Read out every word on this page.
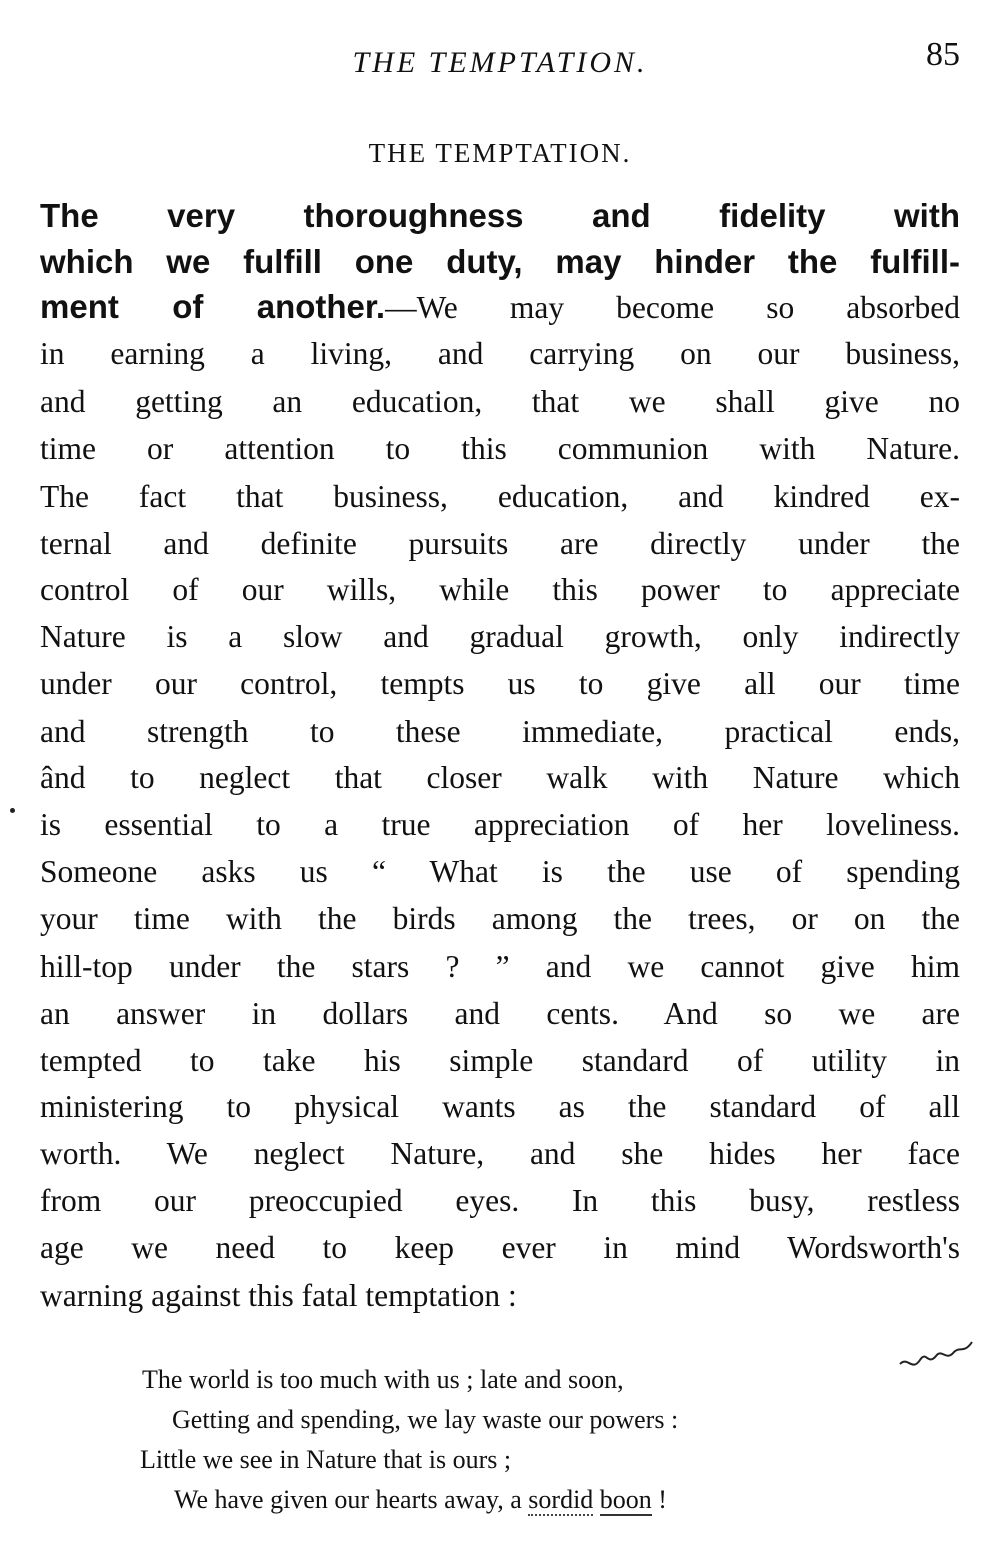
THE TEMPTATION.	85
THE TEMPTATION.
The very thoroughness and fidelity with
which we fulfill one duty, may hinder the fulfill-
ment of another.—We may become so absorbed
in earning a living, and carrying on our business,
and getting an education, that we shall give no
time or attention to this communion with Nature.
The fact that business, education, and kindred ex-
ternal and definite pursuits are directly under the
control of our wills, while this power to appreciate
Nature is a slow and gradual growth, only indirectly
under our control, tempts us to give all our time
and strength to these immediate, practical ends,
ând to neglect that closer walk with Nature which
is essential to a true appreciation of her loveliness.
Someone asks us “ What is the use of spending
your time with the birds among the trees, or on the
hill-top under the stars ? ” and we cannot give him
an answer in dollars and cents. And so we are
tempted to take his simple standard of utility in
ministering to physical wants as the standard of all
worth. We neglect Nature, and she hides her face
from our preoccupied eyes. In this busy, restless
age we need to keep ever in mind Wordsworth's
warning against this fatal temptation :
The world is too much with us ; late and soon,
Getting and spending, we lay waste our powers :
Little we see in Nature that is ours ;
We have given our hearts away, a sordid boon !
